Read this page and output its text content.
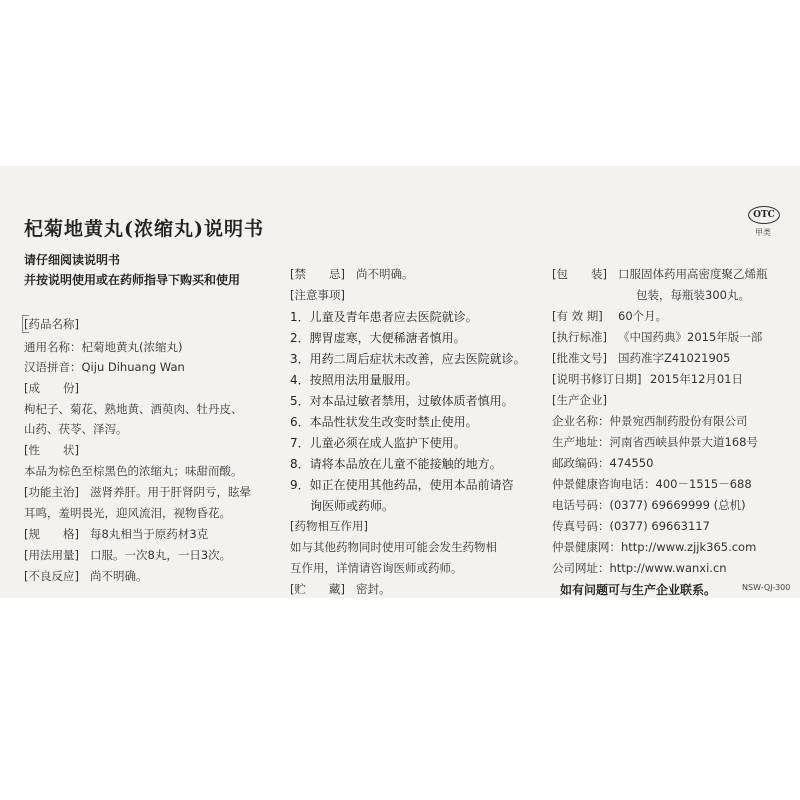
杞菊地黄丸(浓缩丸)说明书
OTC
甲类
请仔细阅读说明书
并按说明使用或在药师指导下购买和使用
[药品名称]
通用名称：杞菊地黄丸(浓缩丸)
汉语拼音：Qiju Dihuang Wan
[成　　份]
枸杞子、菊花、熟地黄、酒萸肉、牡丹皮、
山药、茯苓、泽泻。
[性　　状]
本品为棕色至棕黑色的浓缩丸；味甜而酸。
[功能主治] 滋肾养肝。用于肝肾阴亏，眩晕
耳鸣，羞明畏光，迎风流泪，视物昏花。
[规　　格] 每8丸相当于原药材3克
[用法用量] 口服。一次8丸，一日3次。
[不良反应] 尚不明确。
[禁　　忌] 尚不明确。
[注意事项]
1．儿童及青年患者应去医院就诊。
2．脾胃虚寒，大便稀溏者慎用。
3．用药二周后症状未改善，应去医院就诊。
4．按照用法用量服用。
5．对本品过敏者禁用，过敏体质者慎用。
6．本品性状发生改变时禁止使用。
7．儿童必须在成人监护下使用。
8．请将本品放在儿童不能接触的地方。
9．如正在使用其他药品，使用本品前请咨
询医师或药师。
[药物相互作用]
如与其他药物同时使用可能会发生药物相
互作用，详情请咨询医师或药师。
[贮　　藏] 密封。
[包　　装] 口服固体药用高密度聚乙烯瓶
包装，每瓶装300丸。
[有 效 期] 60个月。
[执行标准] 《中国药典》2015年版一部
[批准文号] 国药准字Z41021905
[说明书修订日期] 2015年12月01日
[生产企业]
企业名称：仲景宛西制药股份有限公司
生产地址：河南省西峡县仲景大道168号
邮政编码：474550
仲景健康咨询电话：400－1515－688
电话号码：(0377) 69669999 (总机)
传真号码：(0377) 69663117
仲景健康网：http://www.zjjk365.com
公司网址：http://www.wanxi.cn
如有问题可与生产企业联系。	NSW-QJ-300
